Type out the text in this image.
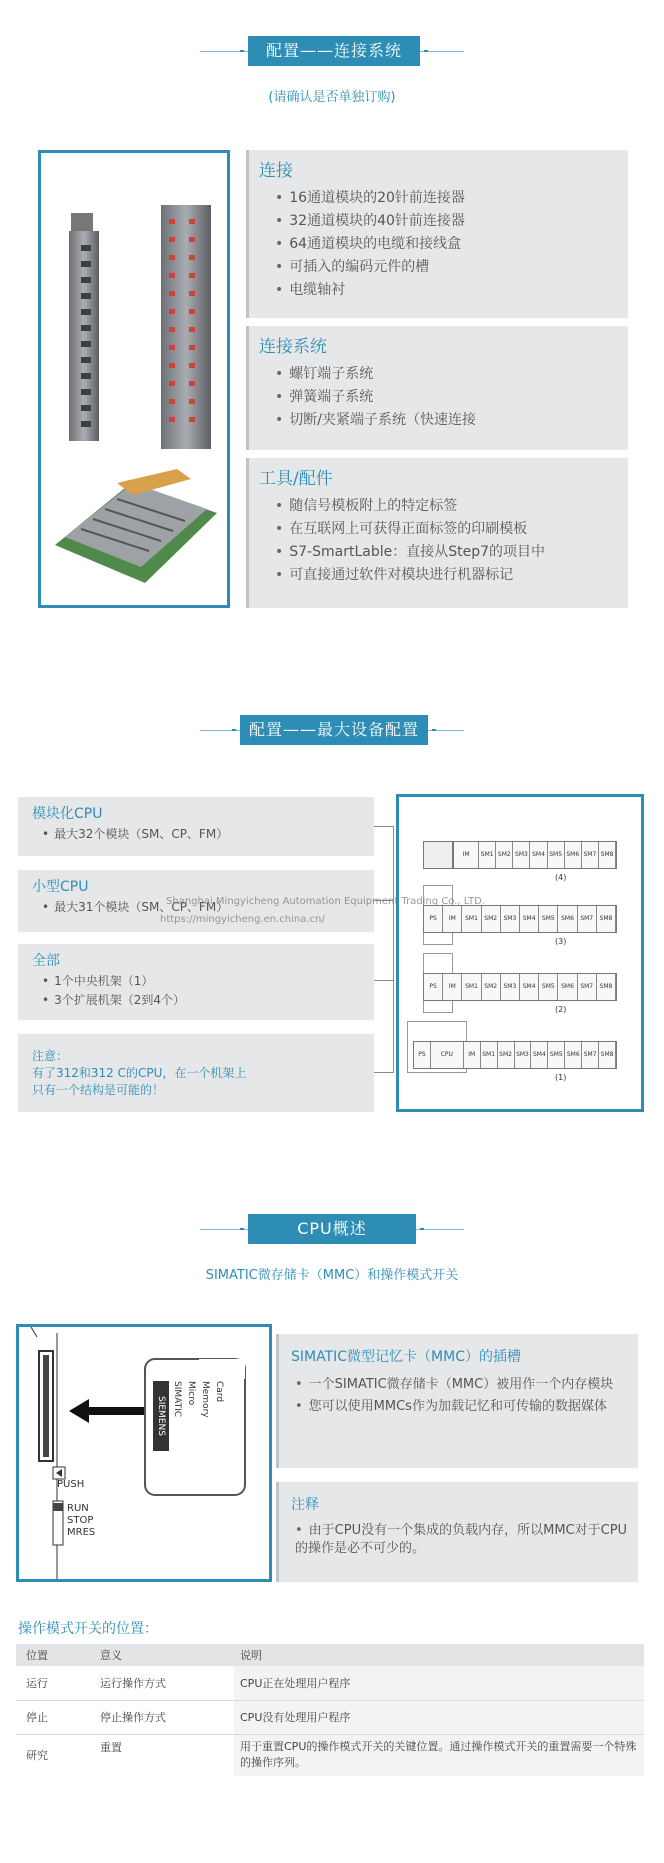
配置——连接系统
(请确认是否单独订购)
连接
• 16通道模块的20针前连接器
• 32通道模块的40针前连接器
• 64通道模块的电缆和接线盒
• 可插入的编码元件的槽
• 电缆轴衬
连接系统
• 螺钉端子系统
• 弹簧端子系统
• 切断/夹紧端子系统（快速连接
工具/配件
• 随信号模板附上的特定标签
• 在互联网上可获得正面标签的印刷模板
• S7-SmartLable：直接从Step7的项目中
• 可直接通过软件对模块进行机器标记
配置——最大设备配置
模块化CPU
• 最大32个模块（SM、CP、FM）
小型CPU
• 最大31个模块（SM、CP、FM）
全部
• 1个中央机架（1）
• 3个扩展机架（2到4个）

注意：

有了312和312 C的CPU，在一个机架上

只有一个结构是可能的！

IM	SM1 SM2 SM3 SM4 SM5 SM6 SM7 SM8
(4)
PS	IM	SM1	SM2	SM3	SM4	SM5	SM6	SM7	SM8
(3)
PS	IM	SM1	SM2	SM3	SM4	SM5	SM6	SM7	SM8
(2)
PS	CPU	IM	SM1 SM2 SM3 SM4 SM5 SM6 SM7 SM8
(1)
Shanghai Mingyicheng Automation Equipment Trading Co., LTD.
https://mingyicheng.en.china.cn/
CPU概述
SIMATIC微存储卡（MMC）和操作模式开关
SIEMENS SIMATIC Micro Memory Card
PUSH
RUN
STOP
MRES
SIMATIC微型记忆卡（MMC）的插槽
• 一个SIMATIC微存储卡（MMC）被用作一个内存模块
• 您可以使用MMCs作为加载记忆和可传输的数据媒体
注释
• 由于CPU没有一个集成的负载内存，所以MMC对于CPU的操作是必不可少的。
操作模式开关的位置：
位置	意义	说明
运行	运行操作方式	CPU正在处理用户程序
停止	停止操作方式	CPU没有处理用户程序
研究	重置	用于重置CPU的操作模式开关的关键位置。通过操作模式开关的重置需要一个特殊的操作序列。
